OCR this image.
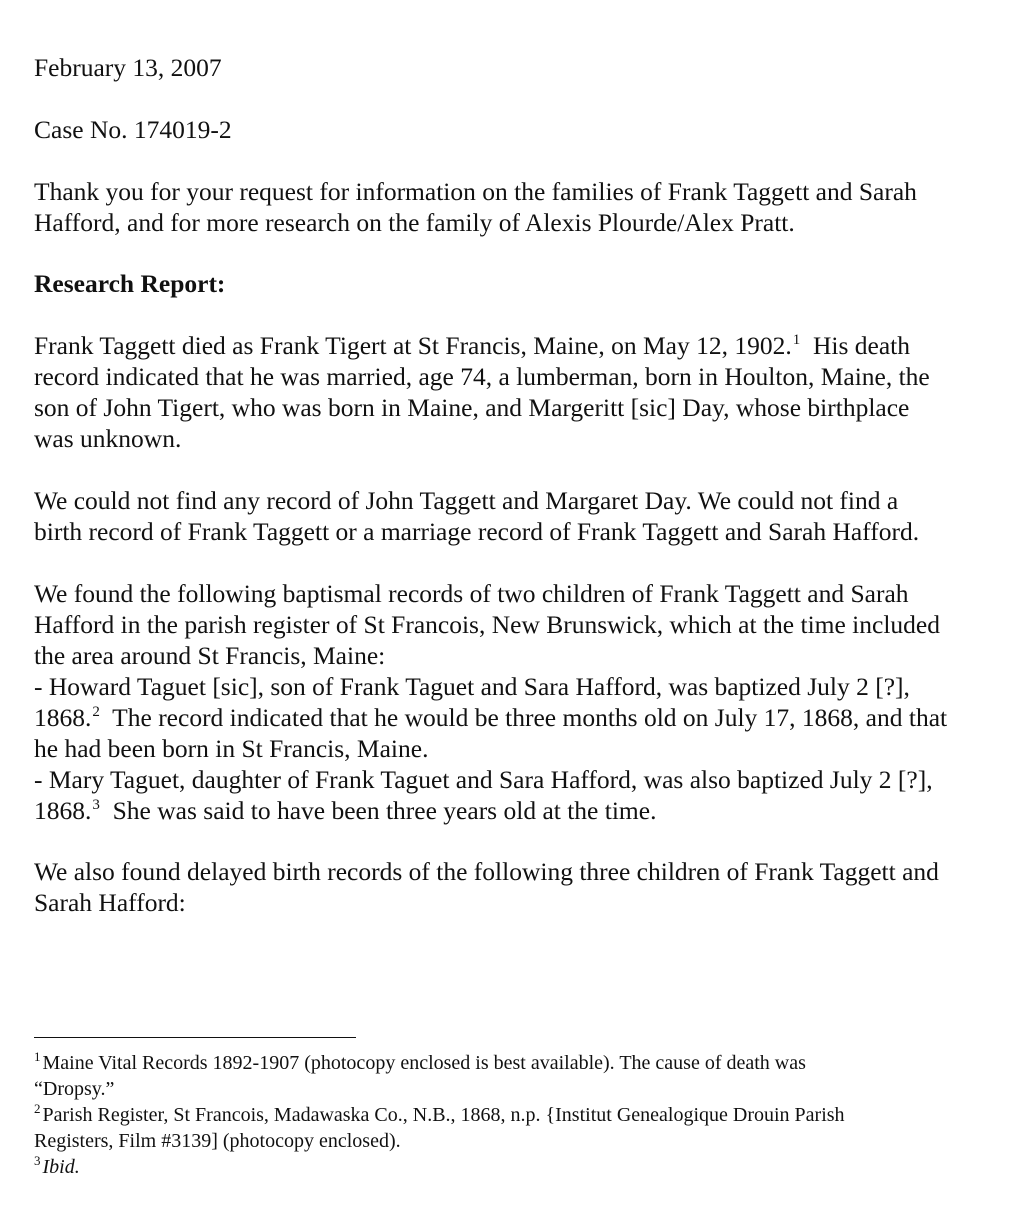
February 13, 2007
Case No. 174019-2
Thank you for your request for information on the families of Frank Taggett and Sarah
Hafford, and for more research on the family of Alexis Plourde/Alex Pratt.
Research Report:
Frank Taggett died as Frank Tigert at St Francis, Maine, on May 12, 1902.$^1$ His death
record indicated that he was married, age 74, a lumberman, born in Houlton, Maine, the
son of John Tigert, who was born in Maine, and Margeritt [sic] Day, whose birthplace
was unknown.
We could not find any record of John Taggett and Margaret Day. We could not find a
birth record of Frank Taggett or a marriage record of Frank Taggett and Sarah Hafford.
We found the following baptismal records of two children of Frank Taggett and Sarah
Hafford in the parish register of St Francois, New Brunswick, which at the time included
the area around St Francis, Maine:
- Howard Taguet [sic], son of Frank Taguet and Sara Hafford, was baptized July 2 [?],
1868.$^2$ The record indicated that he would be three months old on July 17, 1868, and that
he had been born in St Francis, Maine.
- Mary Taguet, daughter of Frank Taguet and Sara Hafford, was also baptized July 2 [?],
1868.$^3$ She was said to have been three years old at the time.
We also found delayed birth records of the following three children of Frank Taggett and
Sarah Hafford:
$^1$ Maine Vital Records 1892-1907 (photocopy enclosed is best available). The cause of death was
“Dropsy.”
$^2$ Parish Register, St Francois, Madawaska Co., N.B., 1868, n.p. {Institut Genealogique Drouin Parish
Registers, Film #3139] (photocopy enclosed).
$^3$ Ibid.
